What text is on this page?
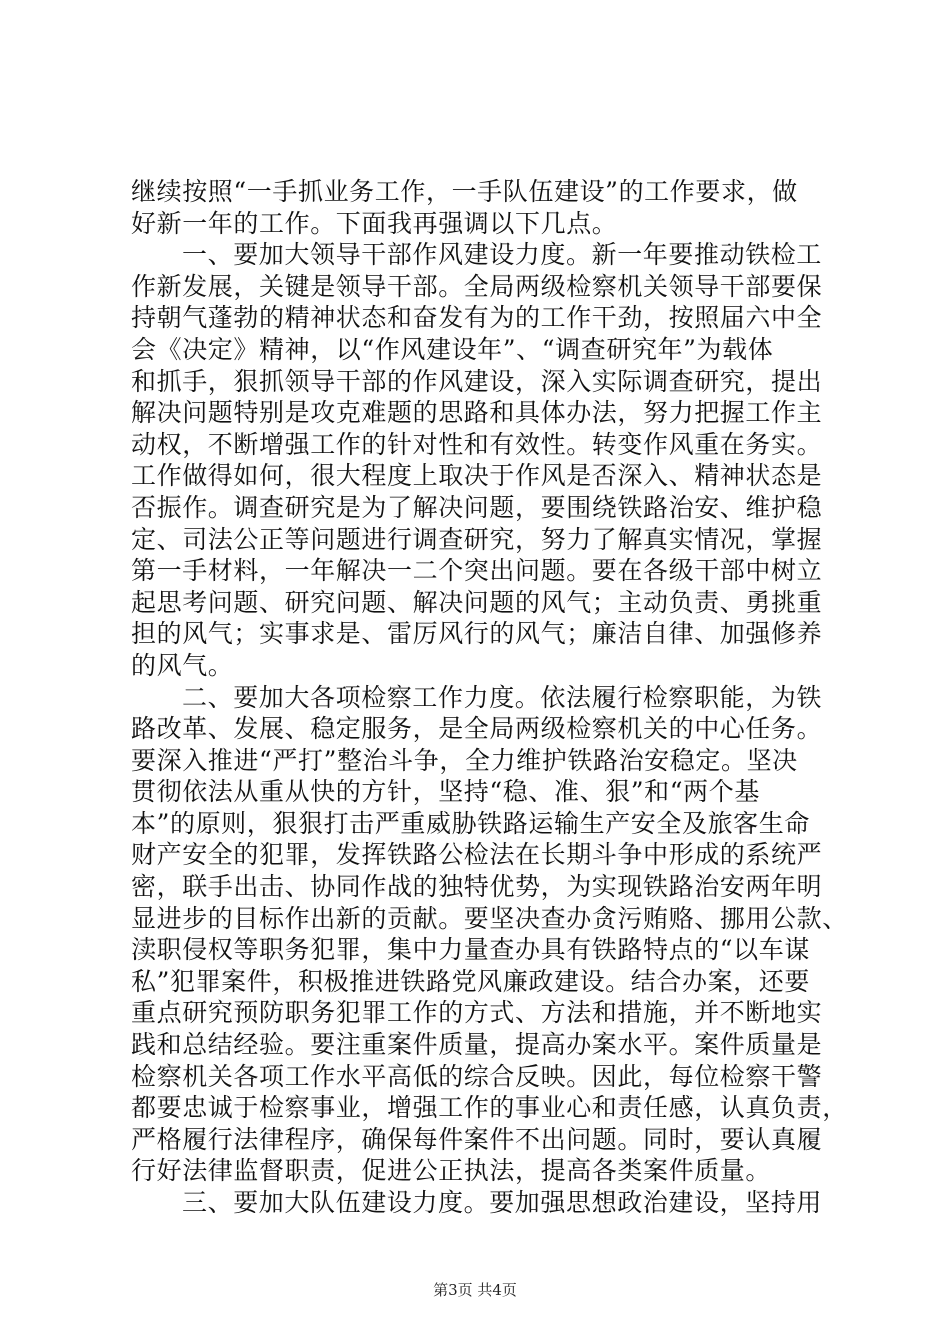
继续按照“一手抓业务工作，一手队伍建设”的工作要求，做
好新一年的工作。下面我再强调以下几点。
一、要加大领导干部作风建设力度。新一年要推动铁检工
作新发展，关键是领导干部。全局两级检察机关领导干部要保
持朝气蓬勃的精神状态和奋发有为的工作干劲，按照届六中全
会《决定》精神，以“作风建设年”、“调查研究年”为载体
和抓手，狠抓领导干部的作风建设，深入实际调查研究，提出
解决问题特别是攻克难题的思路和具体办法，努力把握工作主
动权，不断增强工作的针对性和有效性。转变作风重在务实。
工作做得如何，很大程度上取决于作风是否深入、精神状态是
否振作。调查研究是为了解决问题，要围绕铁路治安、维护稳
定、司法公正等问题进行调查研究，努力了解真实情况，掌握
第一手材料，一年解决一二个突出问题。要在各级干部中树立
起思考问题、研究问题、解决问题的风气；主动负责、勇挑重
担的风气；实事求是、雷厉风行的风气；廉洁自律、加强修养
的风气。
二、要加大各项检察工作力度。依法履行检察职能，为铁
路改革、发展、稳定服务，是全局两级检察机关的中心任务。
要深入推进“严打”整治斗争，全力维护铁路治安稳定。坚决
贯彻依法从重从快的方针，坚持“稳、准、狠”和“两个基
本”的原则，狠狠打击严重威胁铁路运输生产安全及旅客生命
财产安全的犯罪，发挥铁路公检法在长期斗争中形成的系统严
密，联手出击、协同作战的独特优势，为实现铁路治安两年明
显进步的目标作出新的贡献。要坚决查办贪污贿赂、挪用公款、
渎职侵权等职务犯罪，集中力量查办具有铁路特点的“以车谋
私”犯罪案件，积极推进铁路党风廉政建设。结合办案，还要
重点研究预防职务犯罪工作的方式、方法和措施，并不断地实
践和总结经验。要注重案件质量，提高办案水平。案件质量是
检察机关各项工作水平高低的综合反映。因此，每位检察干警
都要忠诚于检察事业，增强工作的事业心和责任感，认真负责，
严格履行法律程序，确保每件案件不出问题。同时，要认真履
行好法律监督职责，促进公正执法，提高各类案件质量。
三、要加大队伍建设力度。要加强思想政治建设，坚持用
第3页 共4页
